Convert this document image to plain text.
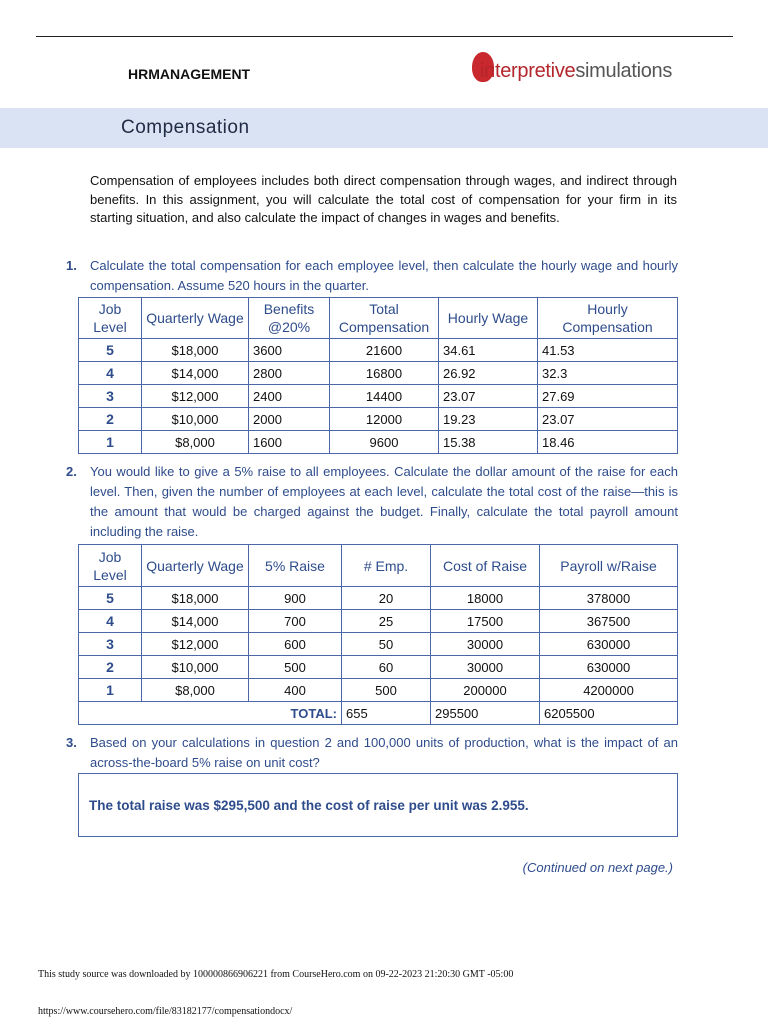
HRMANAGEMENT	interpretivesimulations
Compensation
Compensation of employees includes both direct compensation through wages, and indirect through benefits. In this assignment, you will calculate the total cost of compensation for your firm in its starting situation, and also calculate the impact of changes in wages and benefits.
1. Calculate the total compensation for each employee level, then calculate the hourly wage and hourly compensation. Assume 520 hours in the quarter.
Job Level	Quarterly Wage	Benefits @20%	Total Compensation	Hourly Wage	Hourly Compensation
5	$18,000	3600	21600	34.61	41.53
4	$14,000	2800	16800	26.92	32.3
3	$12,000	2400	14400	23.07	27.69
2	$10,000	2000	12000	19.23	23.07
1	$8,000	1600	9600	15.38	18.46
2. You would like to give a 5% raise to all employees. Calculate the dollar amount of the raise for each level. Then, given the number of employees at each level, calculate the total cost of the raise—this is the amount that would be charged against the budget. Finally, calculate the total payroll amount including the raise.
Job Level	Quarterly Wage	5% Raise	# Emp.	Cost of Raise	Payroll w/Raise
5	$18,000	900	20	18000	378000
4	$14,000	700	25	17500	367500
3	$12,000	600	50	30000	630000
2	$10,000	500	60	30000	630000
1	$8,000	400	500	200000	4200000
TOTAL:			655	295500	6205500
3. Based on your calculations in question 2 and 100,000 units of production, what is the impact of an across-the-board 5% raise on unit cost?
The total raise was $295,500 and the cost of raise per unit was 2.955.
(Continued on next page.)
This study source was downloaded by 100000866906221 from CourseHero.com on 09-22-2023 21:20:30 GMT -05:00
https://www.coursehero.com/file/83182177/compensationdocx/
